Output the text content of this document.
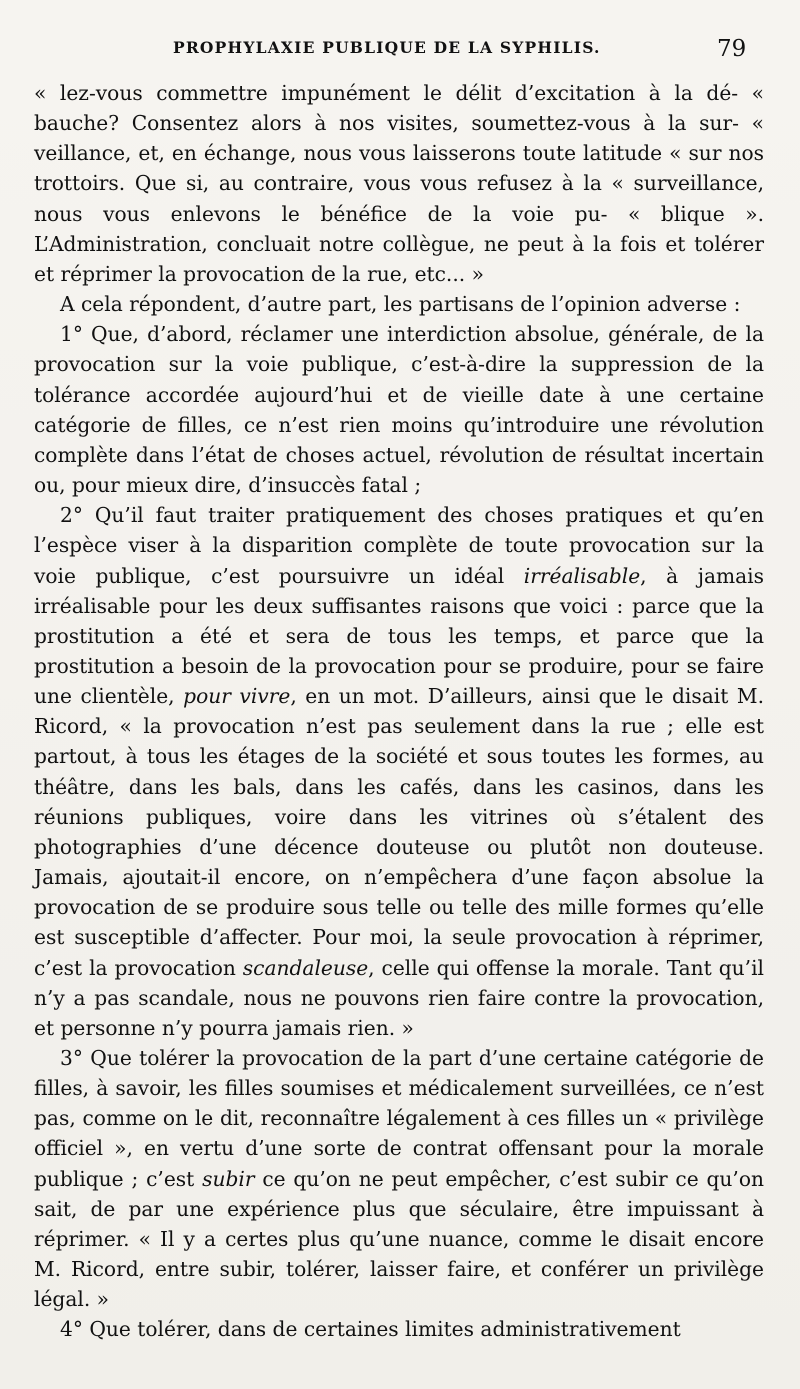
PROPHYLAXIE PUBLIQUE DE LA SYPHILIS.	79

« lez-vous commettre impunément le délit d’excitation à la dé- « bauche? Consentez alors à nos visites, soumettez-vous à la sur- « veillance, et, en échange, nous vous laisserons toute latitude « sur nos trottoirs. Que si, au contraire, vous vous refusez à la « surveillance, nous vous enlevons le bénéfice de la voie pu- « blique ». L’Administration, concluait notre collègue, ne peut à la fois et tolérer et réprimer la provocation de la rue, etc... »

A cela répondent, d’autre part, les partisans de l’opinion adverse :

1° Que, d’abord, réclamer une interdiction absolue, générale, de la provocation sur la voie publique, c’est-à-dire la suppression de la tolérance accordée aujourd’hui et de vieille date à une certaine catégorie de filles, ce n’est rien moins qu’introduire une révolution complète dans l’état de choses actuel, révolution de résultat incertain ou, pour mieux dire, d’insuccès fatal ;

2° Qu’il faut traiter pratiquement des choses pratiques et qu’en l’espèce viser à la disparition complète de toute provocation sur la voie publique, c’est poursuivre un idéal irréalisable, à jamais irréalisable pour les deux suffisantes raisons que voici : parce que la prostitution a été et sera de tous les temps, et parce que la prostitution a besoin de la provocation pour se produire, pour se faire une clientèle, pour vivre, en un mot. D’ailleurs, ainsi que le disait M. Ricord, « la provocation n’est pas seulement dans la rue ; elle est partout, à tous les étages de la société et sous toutes les formes, au théâtre, dans les bals, dans les cafés, dans les casinos, dans les réunions publiques, voire dans les vitrines où s’étalent des photographies d’une décence douteuse ou plutôt non douteuse. Jamais, ajoutait-il encore, on n’empêchera d’une façon absolue la provocation de se produire sous telle ou telle des mille formes qu’elle est susceptible d’affecter. Pour moi, la seule provocation à réprimer, c’est la provocation scandaleuse, celle qui offense la morale. Tant qu’il n’y a pas scandale, nous ne pouvons rien faire contre la provocation, et personne n’y pourra jamais rien. »

3° Que tolérer la provocation de la part d’une certaine catégorie de filles, à savoir, les filles soumises et médicalement surveillées, ce n’est pas, comme on le dit, reconnaître légalement à ces filles un « privilège officiel », en vertu d’une sorte de contrat offensant pour la morale publique ; c’est subir ce qu’on ne peut empêcher, c’est subir ce qu’on sait, de par une expérience plus que séculaire, être impuissant à réprimer. « Il y a certes plus qu’une nuance, comme le disait encore M. Ricord, entre subir, tolérer, laisser faire, et conférer un privilège légal. »

4° Que tolérer, dans de certaines limites administrativement
